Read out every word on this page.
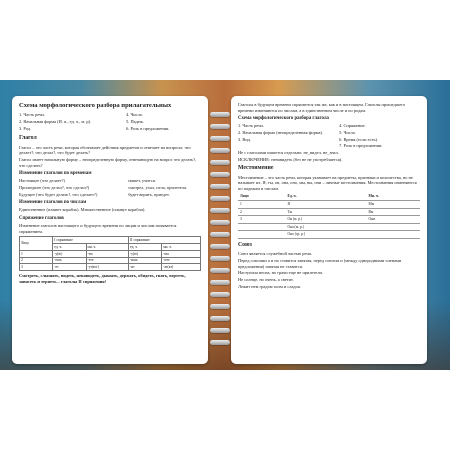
Схема морфологического разбора прилагательных
1. Часть речи.
2. Начальная форма (И. п., ед. ч., м. р).
3. Род.
4. Число.
5. Падеж.
6. Роль в предложении.
Глагол
Глагол – это часть речи, которая обозначает действия предметов и отвечает на вопросы: что делает?, что делал?, что будет делать?
Глагол имеет начальную форму – неопределенную форму, отвечающую на вопрос что делать?, что сделать?
Изменение глаголов по временам
Настоящее (что делает?)	пишет, учится.
Прошедшее (что делал?, что сделал?)	смотрел, ухал, пела, прилетела.
Будущее (что будет делать?, что сделает?)	будет верить, приедет.
Изменение глаголов по числам
Единственное (плывет корабль). Множественное (плывут корабли).
Спряжение глаголов
Изменение глаголов настоящего и будущего времени по лицам и числам называется спряжением.
Лицо	I спряжение		II спряжение	
	ед. ч.	мн. ч.	ед. ч.	мн. ч.
1	-у(ю)	-ем	-у(ю)	-им
2	-ешь	-ете	-ишь	-ите
3	-ет	-ут(ют)	-ит	-ат(ят)
Смотреть, слышать, видеть, ненавидеть, дышать, держать, обидеть, гнать, вертеть, зависеть и терпеть – глаголы II спряжения!
Глаголы в будущем времени спрягаются так же, как и в настоящем. Глаголы прошедшего времени изменяются по числам, а в единственном числе и по родам.
Схема морфологического разбора глагола
1. Часть речи.
2. Начальная форма (неопределенная форма).
3. Вид.
4. Спряжение.
5. Число.
6. Время (если есть).
7. Роль в предложении.
Не с глаголами пишется отдельно: не_видел, не_знал.
ИСКЛЮЧЕНИЕ: ненавидеть (без не не употребляется).
Местоимение
Местоимение – это часть речи, которая указывает на предметы, признаки и количества, но не называет их. Я, ты, он, она, оно, мы, вы, они – личные местоимения. Местоимения изменяются по падежам и числам.
Лицо	Ед. ч.	Мн. ч.
1	Я	Мы
2	Ты	Вы
3	Он (м. р.)	Они
	Она (ж. р.)	
	Оно (ср. р.)	
Союз
Союз является служебной частью речи.
Перед союзами а и но ставится запятая, перед союзом и (между однородными членами предложения) запятая не ставится.
Наступила весна, но грачи еще не прилетели.
Не солнце, но очень, а светит.
Лежит нем градом холм и сладок.
